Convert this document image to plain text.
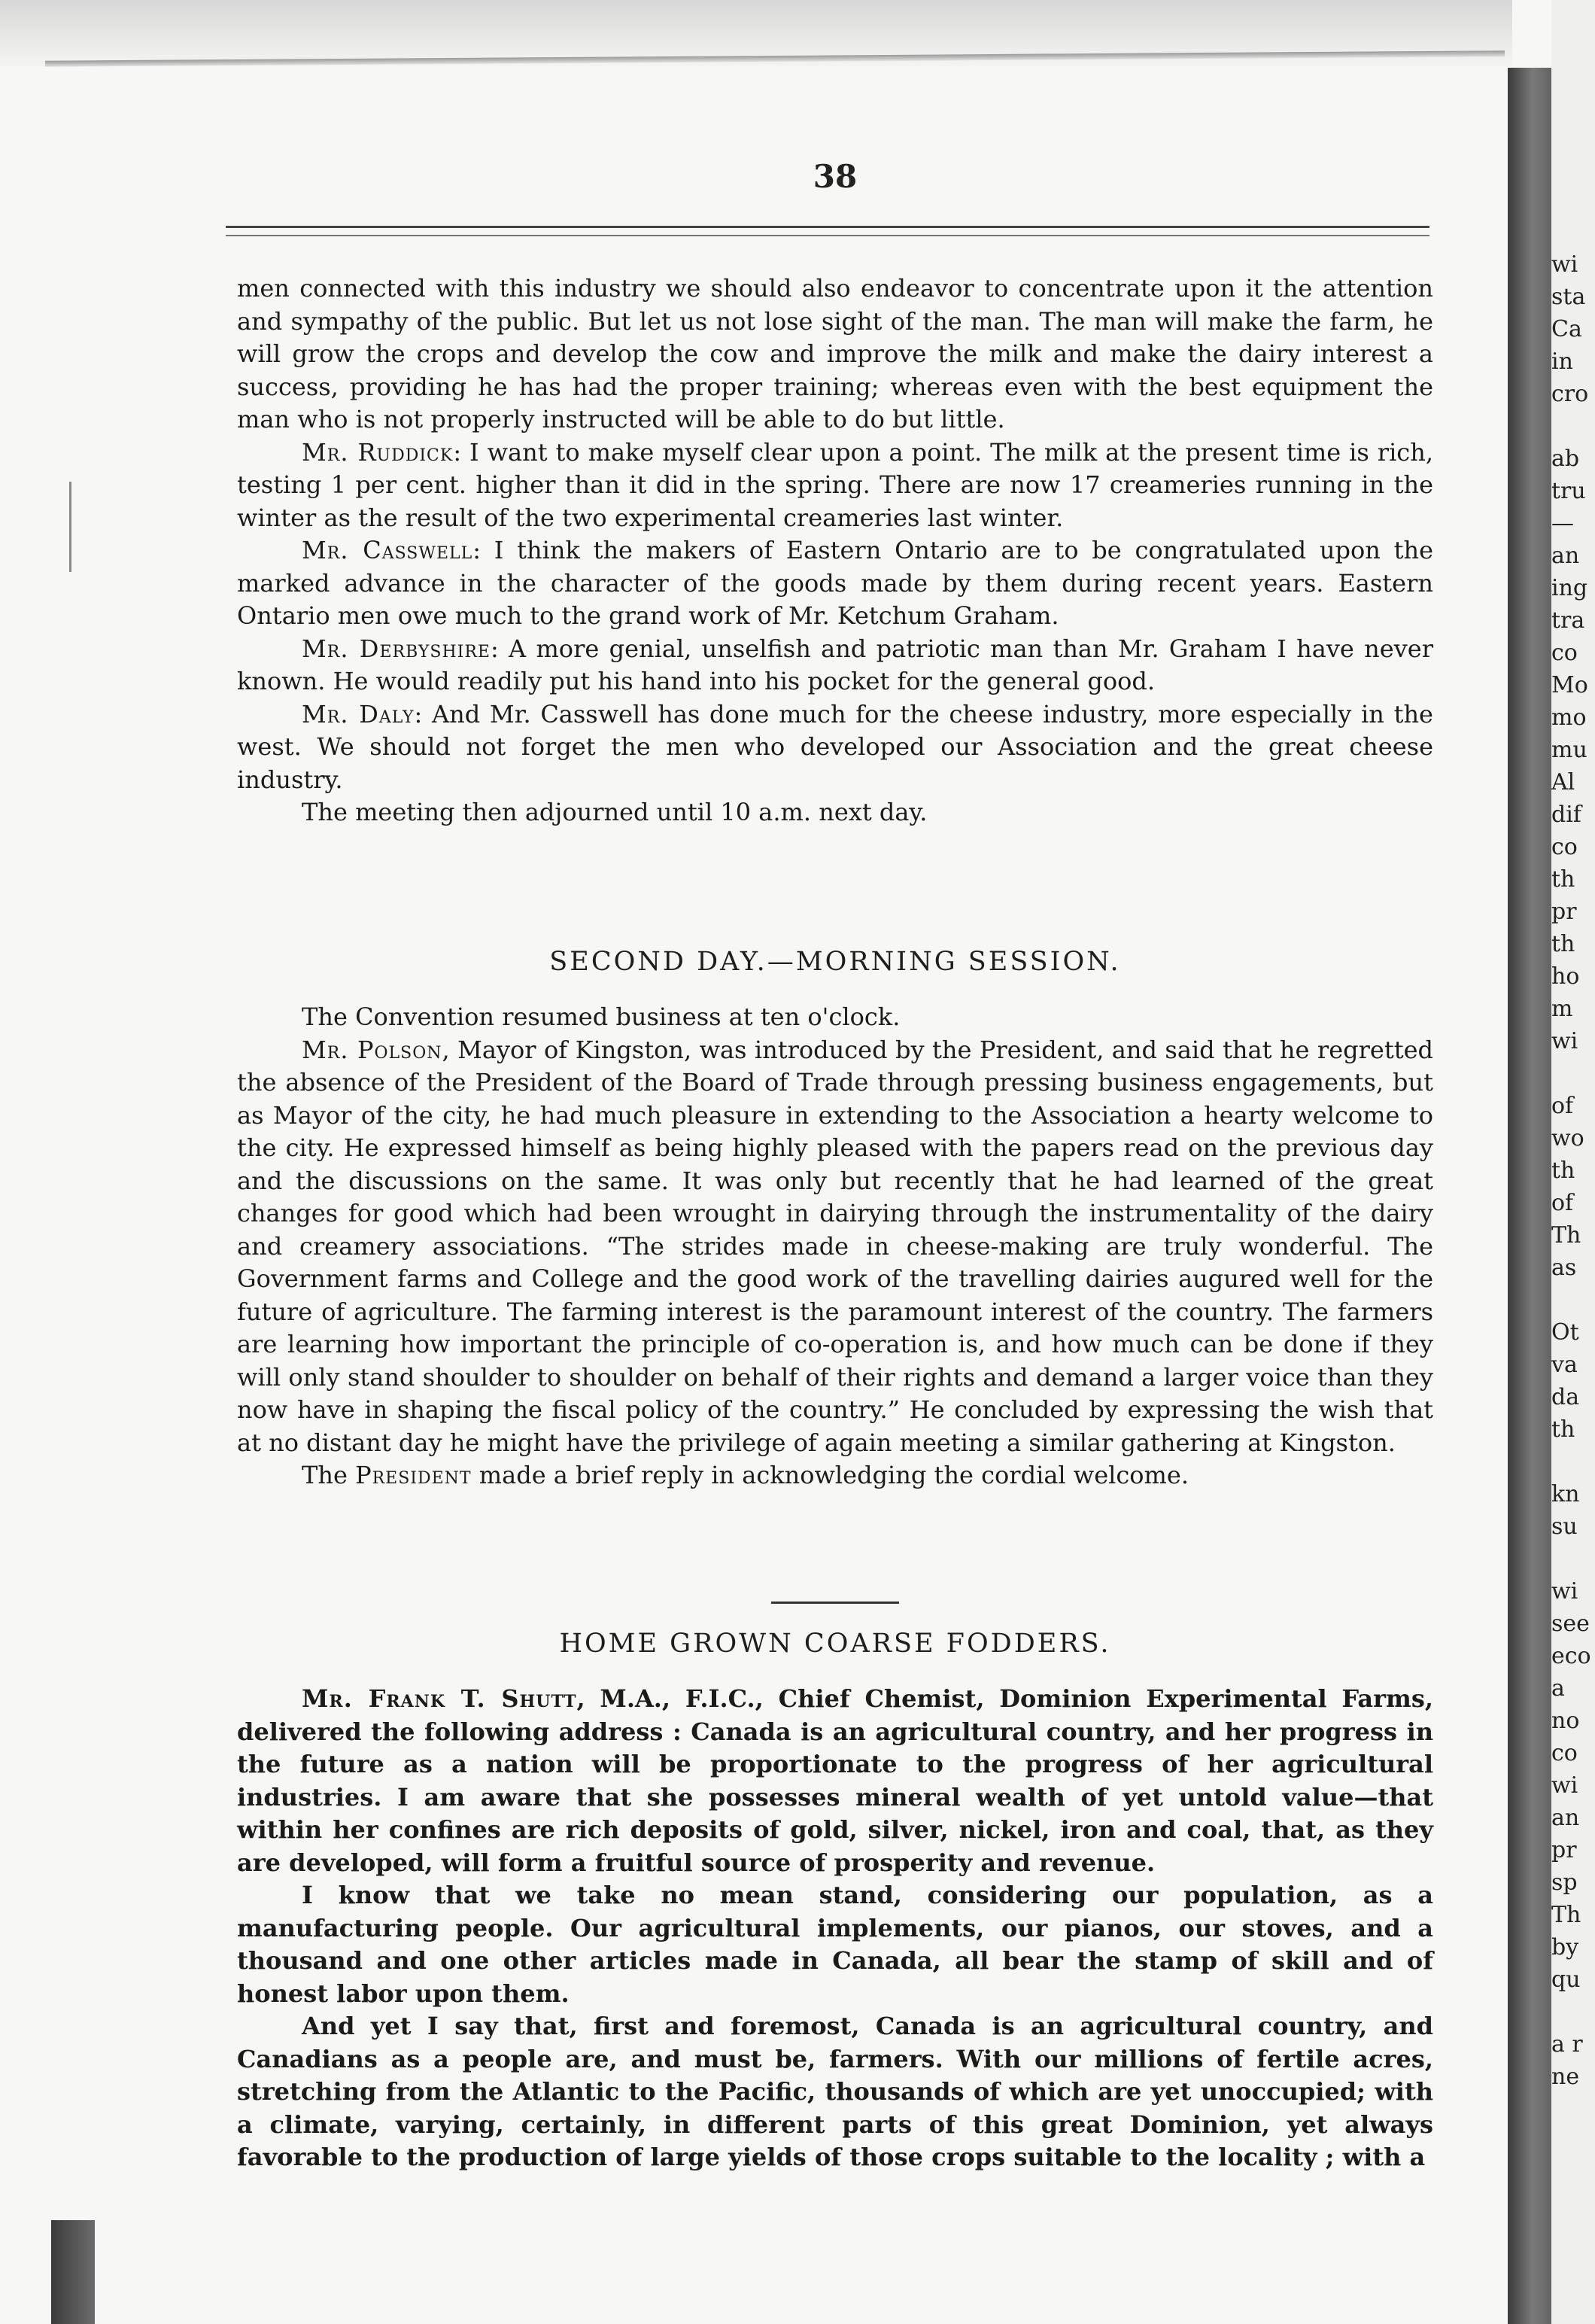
wi
sta
Ca
in
cro
ab
tru
—
an
ing
tra
co
Mo
mo
mu
Al
dif
co
th
pr
th
ho
m
wi
of
wo
th
of
Th
as
Ot
va
da
th
kn
su
wi
see
eco
a
no
co
wi
an
pr
sp
Th
by
qu
a r
ne
38

men connected with this industry we should also endeavor to concentrate upon it the attention and sympathy of the public. But let us not lose sight of the man. The man will make the farm, he will grow the crops and develop the cow and improve the milk and make the dairy interest a success, providing he has had the proper training; whereas even with the best equipment the man who is not properly instructed will be able to do but little.

Mr. Ruddick: I want to make myself clear upon a point. The milk at the present time is rich, testing 1 per cent. higher than it did in the spring. There are now 17 creameries running in the winter as the result of the two experimental creameries last winter.

Mr. Casswell: I think the makers of Eastern Ontario are to be congratulated upon the marked advance in the character of the goods made by them during recent years. Eastern Ontario men owe much to the grand work of Mr. Ketchum Graham.

Mr. Derbyshire: A more genial, unselfish and patriotic man than Mr. Graham I have never known. He would readily put his hand into his pocket for the general good.

Mr. Daly: And Mr. Casswell has done much for the cheese industry, more especially in the west. We should not forget the men who developed our Association and the great cheese industry.

The meeting then adjourned until 10 a.m. next day.

SECOND DAY.—MORNING SESSION.

The Convention resumed business at ten o'clock.

Mr. Polson, Mayor of Kingston, was introduced by the President, and said that he regretted the absence of the President of the Board of Trade through pressing business engagements, but as Mayor of the city, he had much pleasure in extending to the Association a hearty welcome to the city. He expressed himself as being highly pleased with the papers read on the previous day and the discussions on the same. It was only but recently that he had learned of the great changes for good which had been wrought in dairying through the instrumentality of the dairy and creamery associations. “The strides made in cheese-making are truly wonderful. The Government farms and College and the good work of the travelling dairies augured well for the future of agriculture. The farming interest is the paramount interest of the country. The farmers are learning how important the principle of co-operation is, and how much can be done if they will only stand shoulder to shoulder on behalf of their rights and demand a larger voice than they now have in shaping the fiscal policy of the country.” He concluded by expressing the wish that at no distant day he might have the privilege of again meeting a similar gathering at Kingston.

The President made a brief reply in acknowledging the cordial welcome.

HOME GROWN COARSE FODDERS.

Mr. Frank T. Shutt, M.A., F.I.C., Chief Chemist, Dominion Experimental Farms, delivered the following address : Canada is an agricultural country, and her progress in the future as a nation will be proportionate to the progress of her agricultural industries. I am aware that she possesses mineral wealth of yet untold value—that within her confines are rich deposits of gold, silver, nickel, iron and coal, that, as they are developed, will form a fruitful source of prosperity and revenue.

I know that we take no mean stand, considering our population, as a manufacturing people. Our agricultural implements, our pianos, our stoves, and a thousand and one other articles made in Canada, all bear the stamp of skill and of honest labor upon them.

And yet I say that, first and foremost, Canada is an agricultural country, and Canadians as a people are, and must be, farmers. With our millions of fertile acres, stretching from the Atlantic to the Pacific, thousands of which are yet unoccupied; with a climate, varying, certainly, in different parts of this great Dominion, yet always favorable to the production of large yields of those crops suitable to the locality ; with a
